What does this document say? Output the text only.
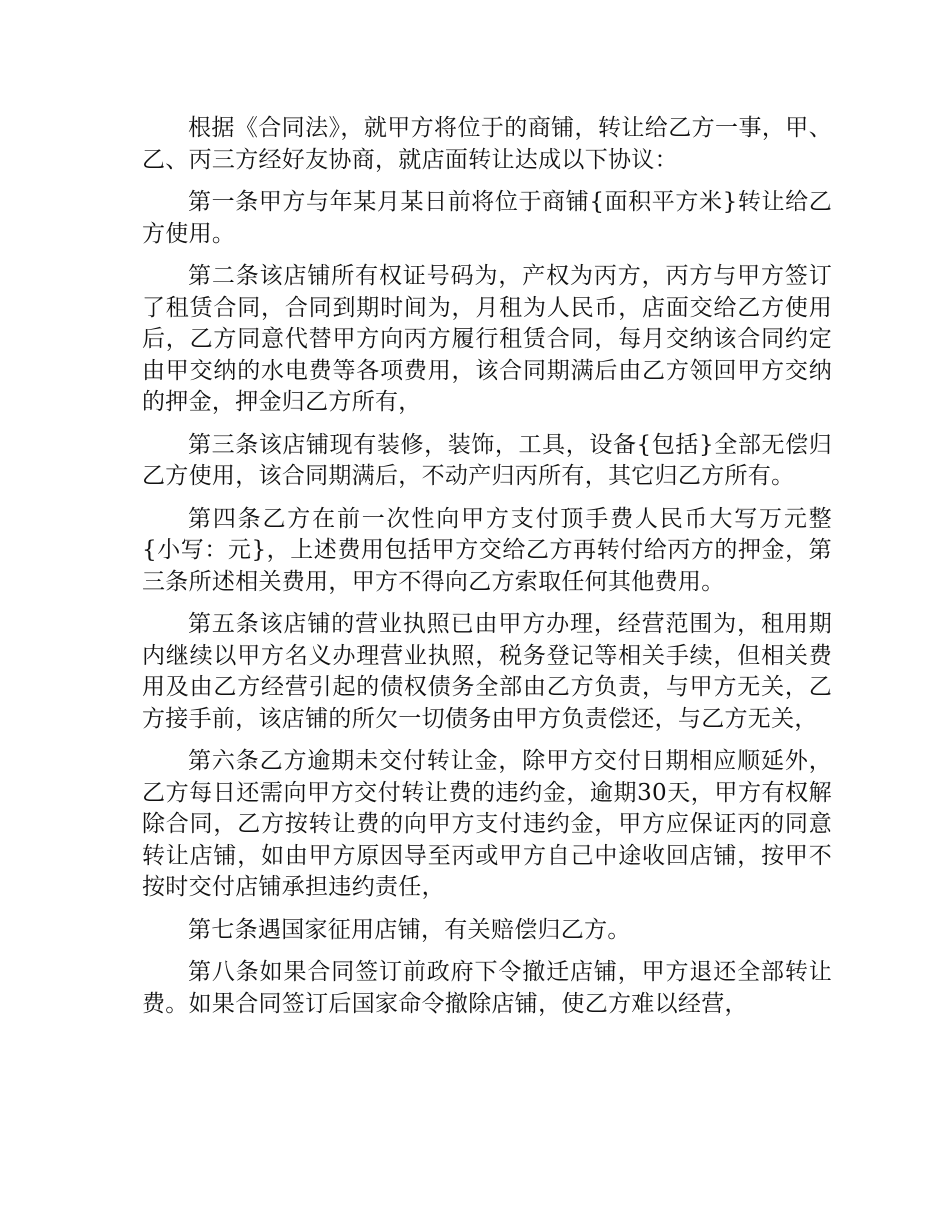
根据《合同法》，就甲方将位于的商铺，转让给乙方一事，甲、乙、丙三方经好友协商，就店面转让达成以下协议：

第一条甲方与年某月某日前将位于商铺{面积平方米}转让给乙方使用。

第二条该店铺所有权证号码为，产权为丙方，丙方与甲方签订了租赁合同，合同到期时间为，月租为人民币，店面交给乙方使用后，乙方同意代替甲方向丙方履行租赁合同，每月交纳该合同约定由甲交纳的水电费等各项费用，该合同期满后由乙方领回甲方交纳的押金，押金归乙方所有，

第三条该店铺现有装修，装饰，工具，设备{包括}全部无偿归乙方使用，该合同期满后，不动产归丙所有，其它归乙方所有。

第四条乙方在前一次性向甲方支付顶手费人民币大写万元整{小写：元}，上述费用包括甲方交给乙方再转付给丙方的押金，第三条所述相关费用，甲方不得向乙方索取任何其他费用。

第五条该店铺的营业执照已由甲方办理，经营范围为，租用期内继续以甲方名义办理营业执照，税务登记等相关手续，但相关费用及由乙方经营引起的债权债务全部由乙方负责，与甲方无关，乙方接手前，该店铺的所欠一切债务由甲方负责偿还，与乙方无关，

第六条乙方逾期未交付转让金，除甲方交付日期相应顺延外，乙方每日还需向甲方交付转让费的违约金，逾期30天，甲方有权解除合同，乙方按转让费的向甲方支付违约金，甲方应保证丙的同意转让店铺，如由甲方原因导至丙或甲方自己中途收回店铺，按甲不按时交付店铺承担违约责任，

第七条遇国家征用店铺，有关赔偿归乙方。

第八条如果合同签订前政府下令撤迁店铺，甲方退还全部转让费。如果合同签订后国家命令撤除店铺，使乙方难以经营，
